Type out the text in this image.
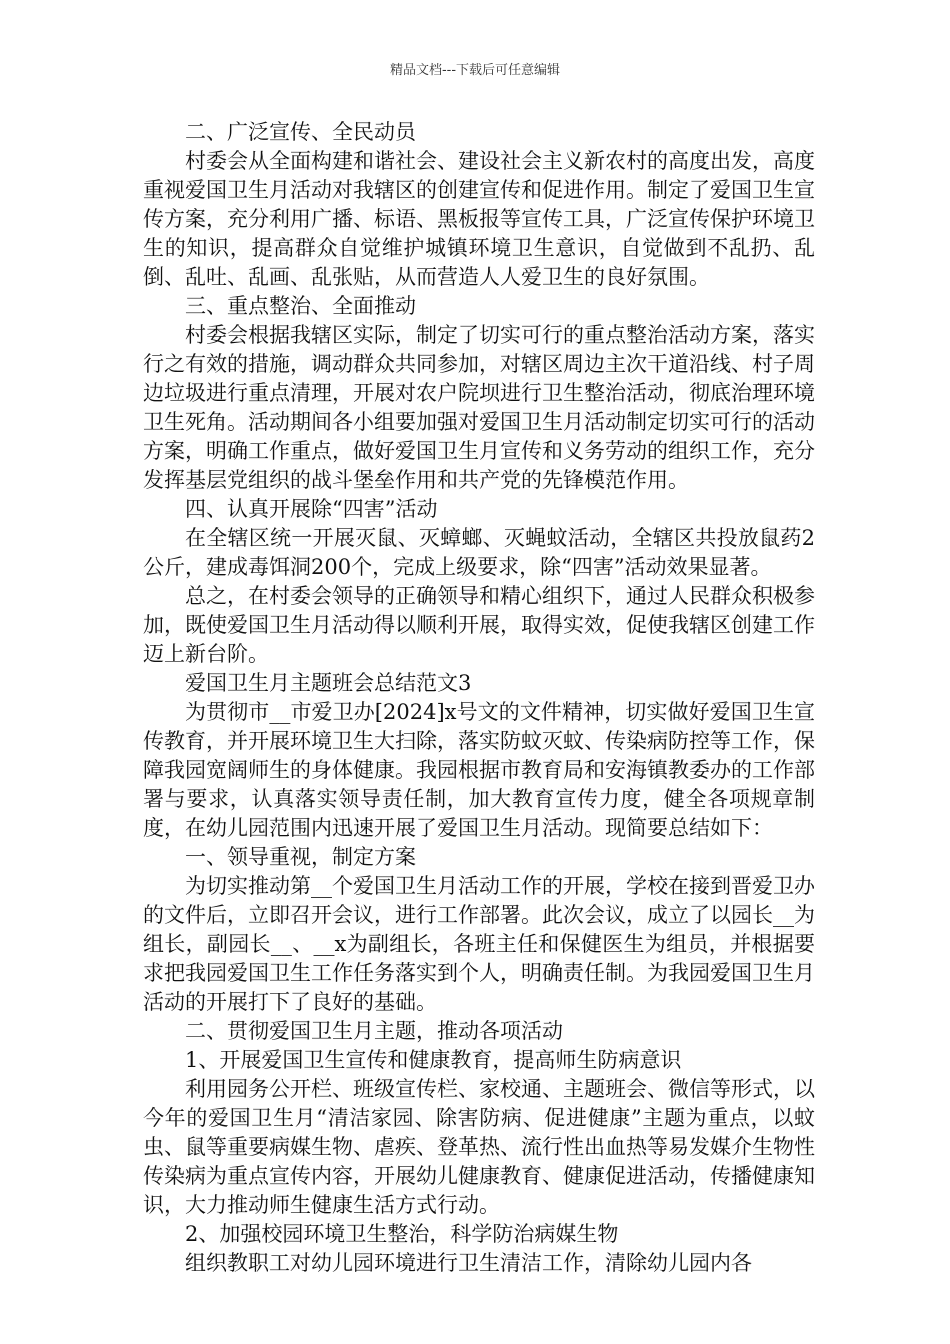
精品文档---下载后可任意编辑

二、广泛宣传、全民动员

村委会从全面构建和谐社会、建设社会主义新农村的高度出发，高度重视爱国卫生月活动对我辖区的创建宣传和促进作用。制定了爱国卫生宣传方案，充分利用广播、标语、黑板报等宣传工具，广泛宣传保护环境卫生的知识，提高群众自觉维护城镇环境卫生意识，自觉做到不乱扔、乱倒、乱吐、乱画、乱张贴，从而营造人人爱卫生的良好氛围。

三、重点整治、全面推动

村委会根据我辖区实际，制定了切实可行的重点整治活动方案，落实行之有效的措施，调动群众共同参加，对辖区周边主次干道沿线、村子周边垃圾进行重点清理，开展对农户院坝进行卫生整治活动，彻底治理环境卫生死角。活动期间各小组要加强对爱国卫生月活动制定切实可行的活动方案，明确工作重点，做好爱国卫生月宣传和义务劳动的组织工作，充分发挥基层党组织的战斗堡垒作用和共产党的先锋模范作用。

四、认真开展除“四害”活动

在全辖区统一开展灭鼠、灭蟑螂、灭蝇蚊活动，全辖区共投放鼠药2公斤，建成毒饵洞200个，完成上级要求，除“四害”活动效果显著。

总之，在村委会领导的正确领导和精心组织下，通过人民群众积极参加，既使爱国卫生月活动得以顺利开展，取得实效，促使我辖区创建工作迈上新台阶。

爱国卫生月主题班会总结范文3

为贯彻市__市爱卫办[2024]x号文的文件精神，切实做好爱国卫生宣传教育，并开展环境卫生大扫除，落实防蚊灭蚊、传染病防控等工作，保障我园宽阔师生的身体健康。我园根据市教育局和安海镇教委办的工作部署与要求，认真落实领导责任制，加大教育宣传力度，健全各项规章制度，在幼儿园范围内迅速开展了爱国卫生月活动。现简要总结如下：

一、领导重视，制定方案

为切实推动第__个爱国卫生月活动工作的开展，学校在接到晋爱卫办的文件后，立即召开会议，进行工作部署。此次会议，成立了以园长__为组长，副园长__、__x为副组长，各班主任和保健医生为组员，并根据要求把我园爱国卫生工作任务落实到个人，明确责任制。为我园爱国卫生月活动的开展打下了良好的基础。

二、贯彻爱国卫生月主题，推动各项活动

1、开展爱国卫生宣传和健康教育，提高师生防病意识

利用园务公开栏、班级宣传栏、家校通、主题班会、微信等形式，以今年的爱国卫生月“清洁家园、除害防病、促进健康”主题为重点，以蚊虫、鼠等重要病媒生物、虐疾、登革热、流行性出血热等易发媒介生物性传染病为重点宣传内容，开展幼儿健康教育、健康促进活动，传播健康知识，大力推动师生健康生活方式行动。

2、加强校园环境卫生整治，科学防治病媒生物

组织教职工对幼儿园环境进行卫生清洁工作，清除幼儿园内各
